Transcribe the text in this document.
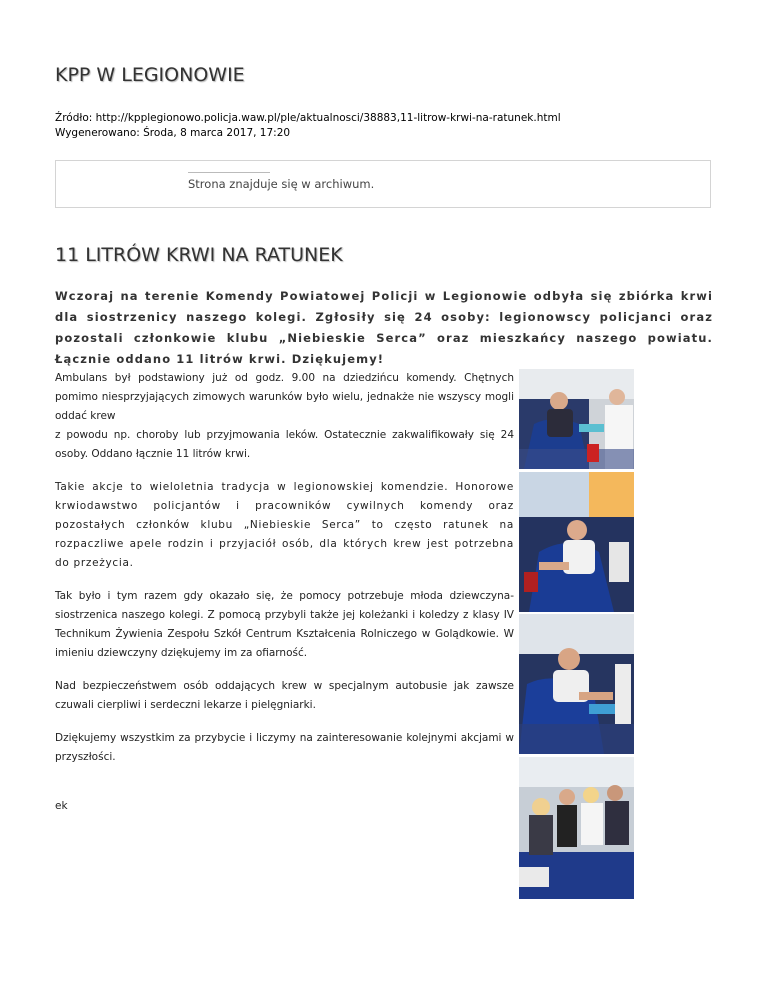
KPP W LEGIONOWIE
Źródło: http://kpplegionowo.policja.waw.pl/ple/aktualnosci/38883,11-litrow-krwi-na-ratunek.html
Wygenerowano: Środa, 8 marca 2017, 17:20
Strona znajduje się w archiwum.
11 LITRÓW KRWI NA RATUNEK
Wczoraj na terenie Komendy Powiatowej Policji w Legionowie odbyła się zbiórka krwi dla siostrzenicy naszego kolegi. Zgłosiły się 24 osoby: legionowscy policjanci oraz pozostali członkowie klubu „Niebieskie Serca” oraz mieszkańcy naszego powiatu. Łącznie oddano 11 litrów krwi. Dziękujemy!

Ambulans był podstawiony już od godz. 9.00 na dziedzińcu komendy. Chętnych pomimo niesprzyjających zimowych warunków było wielu, jednakże nie wszyscy mogli oddać krew

z powodu np. choroby lub przyjmowania leków. Ostatecznie zakwalifikowały się 24 osoby. Oddano łącznie 11 litrów krwi.

Takie akcje to wieloletnia tradycja w legionowskiej komendzie. Honorowe krwiodawstwo policjantów i pracowników cywilnych komendy oraz pozostałych członków klubu „Niebieskie Serca” to często ratunek na rozpaczliwe apele rodzin i przyjaciół osób, dla których krew jest potrzebna do przeżycia.

Tak było i tym razem gdy okazało się, że pomocy potrzebuje młoda dziewczyna- siostrzenica naszego kolegi. Z pomocą przybyli także jej koleżanki i koledzy z klasy IV Technikum Żywienia Zespołu Szkół Centrum Kształcenia Rolniczego w Golądkowie. W imieniu dziewczyny dziękujemy im za ofiarność.

Nad bezpieczeństwem osób oddających krew w specjalnym autobusie jak zawsze czuwali cierpliwi i serdeczni lekarze i pielęgniarki.

Dziękujemy wszystkim za przybycie i liczymy na zainteresowanie kolejnymi akcjami w przyszłości.

ek
